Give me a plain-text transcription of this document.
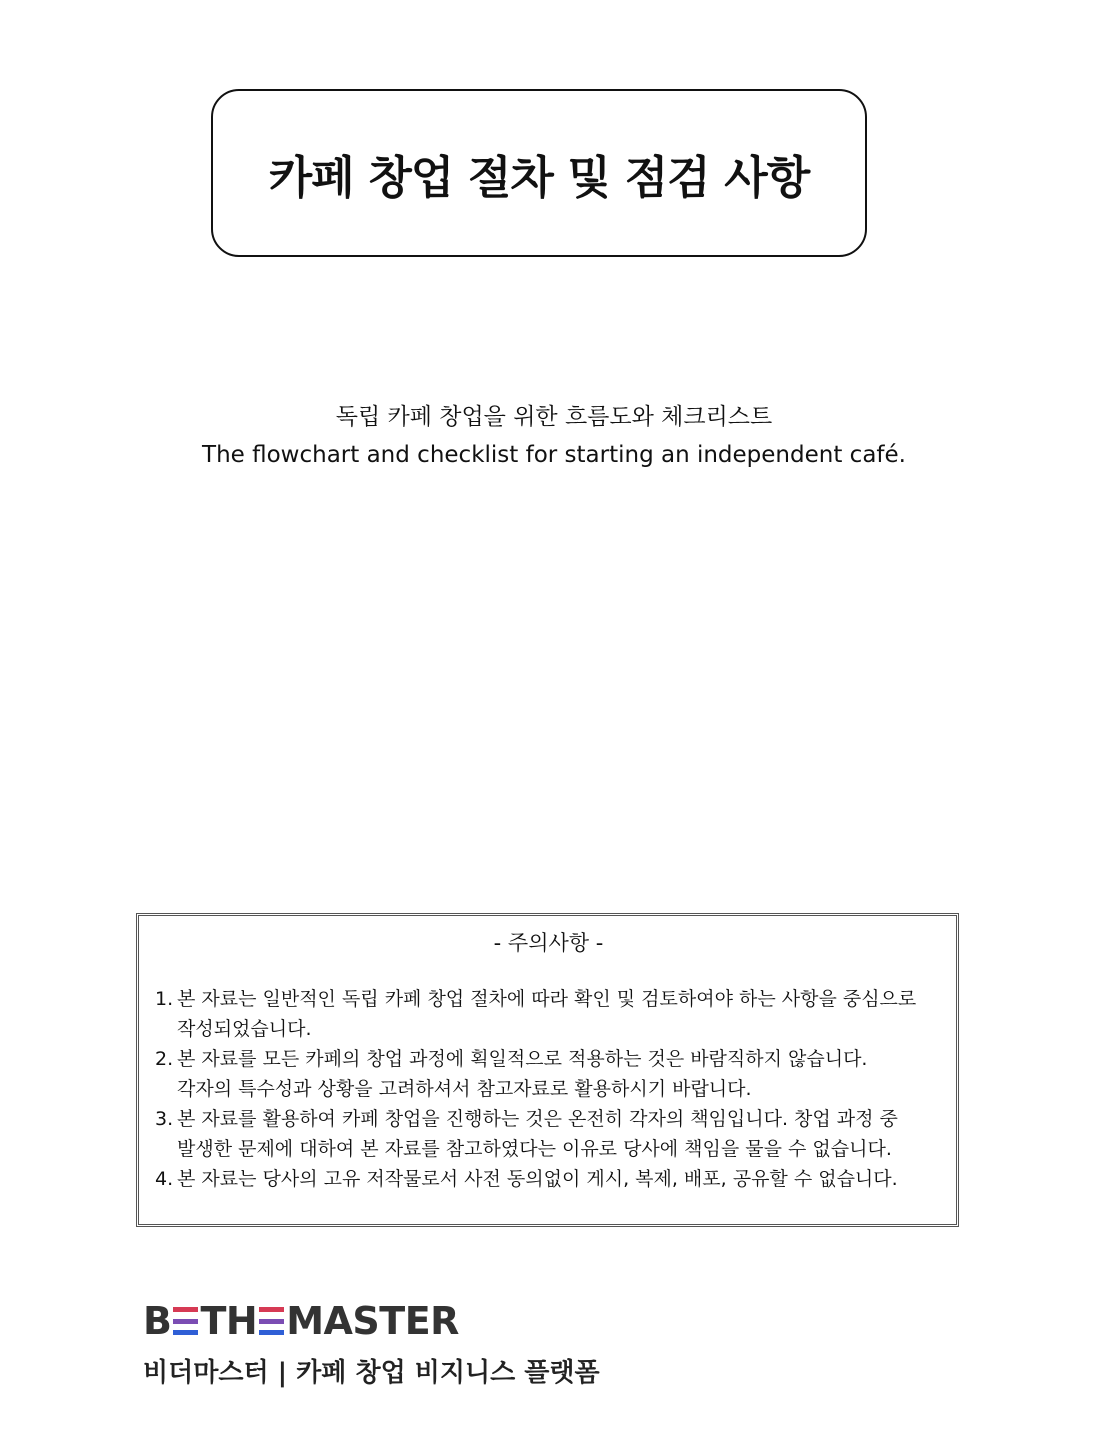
카페 창업 절차 및 점검 사항
독립 카페 창업을 위한 흐름도와 체크리스트
The flowchart and checklist for starting an independent café.
- 주의사항 -
1. 본 자료는 일반적인 독립 카페 창업 절차에 따라 확인 및 검토하여야 하는 사항을 중심으로
작성되었습니다.
2. 본 자료를 모든 카페의 창업 과정에 획일적으로 적용하는 것은 바람직하지 않습니다.
각자의 특수성과 상황을 고려하셔서 참고자료로 활용하시기 바랍니다.
3. 본 자료를 활용하여 카페 창업을 진행하는 것은 온전히 각자의 책임입니다. 창업 과정 중
발생한 문제에 대하여 본 자료를 참고하였다는 이유로 당사에 책임을 물을 수 없습니다.
4. 본 자료는 당사의 고유 저작물로서 사전 동의없이 게시, 복제, 배포, 공유할 수 없습니다.
B TH MASTER
비더마스터 | 카페 창업 비지니스 플랫폼
